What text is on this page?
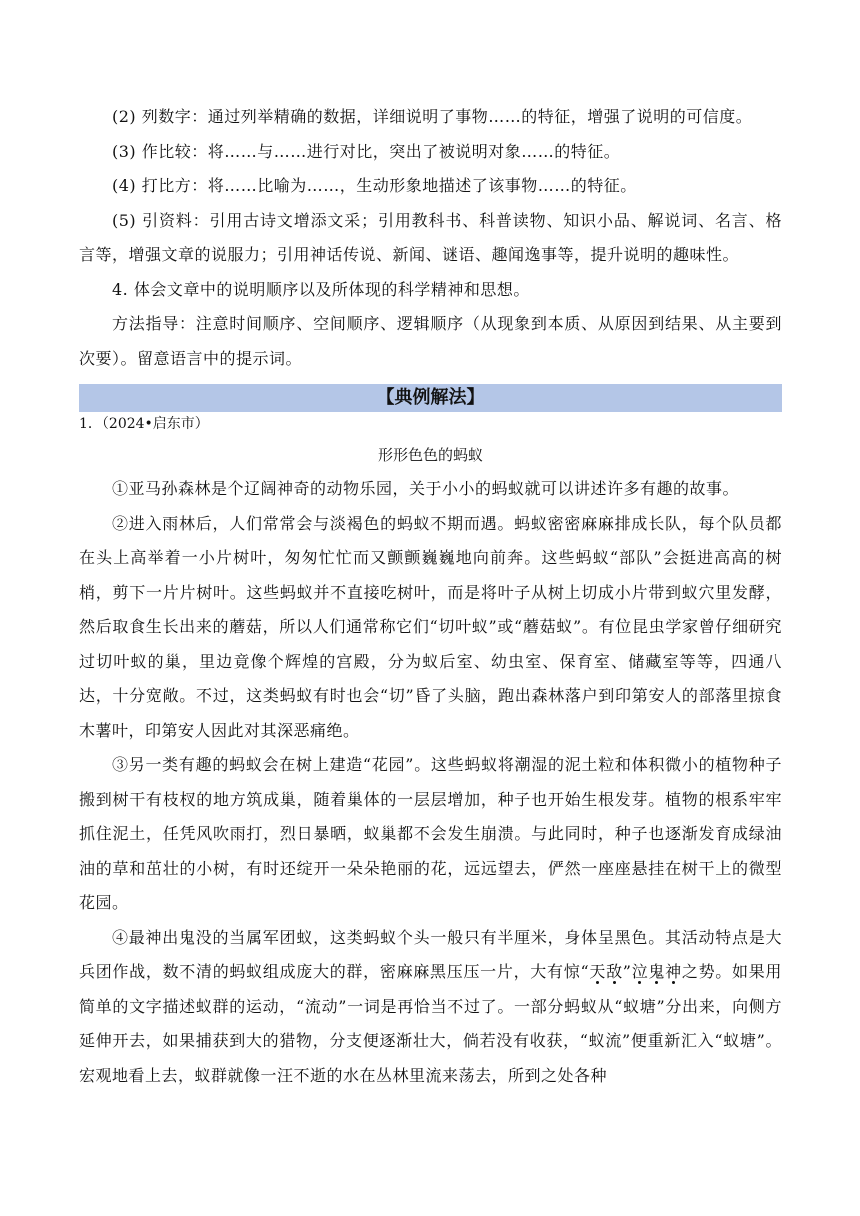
(2) 列数字：通过列举精确的数据，详细说明了事物……的特征，增强了说明的可信度。

(3) 作比较：将……与……进行对比，突出了被说明对象……的特征。

(4) 打比方：将……比喻为……，生动形象地描述了该事物……的特征。

(5) 引资料：引用古诗文增添文采；引用教科书、科普读物、知识小品、解说词、名言、格言等，增强文章的说服力；引用神话传说、新闻、谜语、趣闻逸事等，提升说明的趣味性。

4. 体会文章中的说明顺序以及所体现的科学精神和思想。

方法指导：注意时间顺序、空间顺序、逻辑顺序（从现象到本质、从原因到结果、从主要到次要）。留意语言中的提示词。

【典例解法】

1．（2024•启东市）

形形色色的蚂蚁

①亚马孙森林是个辽阔神奇的动物乐园，关于小小的蚂蚁就可以讲述许多有趣的故事。

②进入雨林后，人们常常会与淡褐色的蚂蚁不期而遇。蚂蚁密密麻麻排成长队，每个队员都在头上高举着一小片树叶，匆匆忙忙而又颤颤巍巍地向前奔。这些蚂蚁“部队”会挺进高高的树梢，剪下一片片树叶。这些蚂蚁并不直接吃树叶，而是将叶子从树上切成小片带到蚁穴里发酵，然后取食生长出来的蘑菇，所以人们通常称它们“切叶蚁”或“蘑菇蚁”。有位昆虫学家曾仔细研究过切叶蚁的巢，里边竟像个辉煌的宫殿，分为蚁后室、幼虫室、保育室、储藏室等等，四通八达，十分宽敞。不过，这类蚂蚁有时也会“切”昏了头脑，跑出森林落户到印第安人的部落里掠食木薯叶，印第安人因此对其深恶痛绝。

③另一类有趣的蚂蚁会在树上建造“花园”。这些蚂蚁将潮湿的泥土粒和体积微小的植物种子搬到树干有枝杈的地方筑成巢，随着巢体的一层层增加，种子也开始生根发芽。植物的根系牢牢抓住泥土，任凭风吹雨打，烈日暴晒，蚁巢都不会发生崩溃。与此同时，种子也逐渐发育成绿油油的草和茁壮的小树，有时还绽开一朵朵艳丽的花，远远望去，俨然一座座悬挂在树干上的微型花园。

④最神出鬼没的当属军团蚁，这类蚂蚁个头一般只有半厘米，身体呈黑色。其活动特点是大兵团作战，数不清的蚂蚁组成庞大的群，密麻麻黑压压一片，大有惊“天敌”泣鬼神之势。如果用简单的文字描述蚁群的运动，“流动”一词是再恰当不过了。一部分蚂蚁从“蚁塘”分出来，向侧方延伸开去，如果捕获到大的猎物，分支便逐渐壮大，倘若没有收获，“蚁流”便重新汇入“蚁塘”。宏观地看上去，蚁群就像一汪不逝的水在丛林里流来荡去，所到之处各种
